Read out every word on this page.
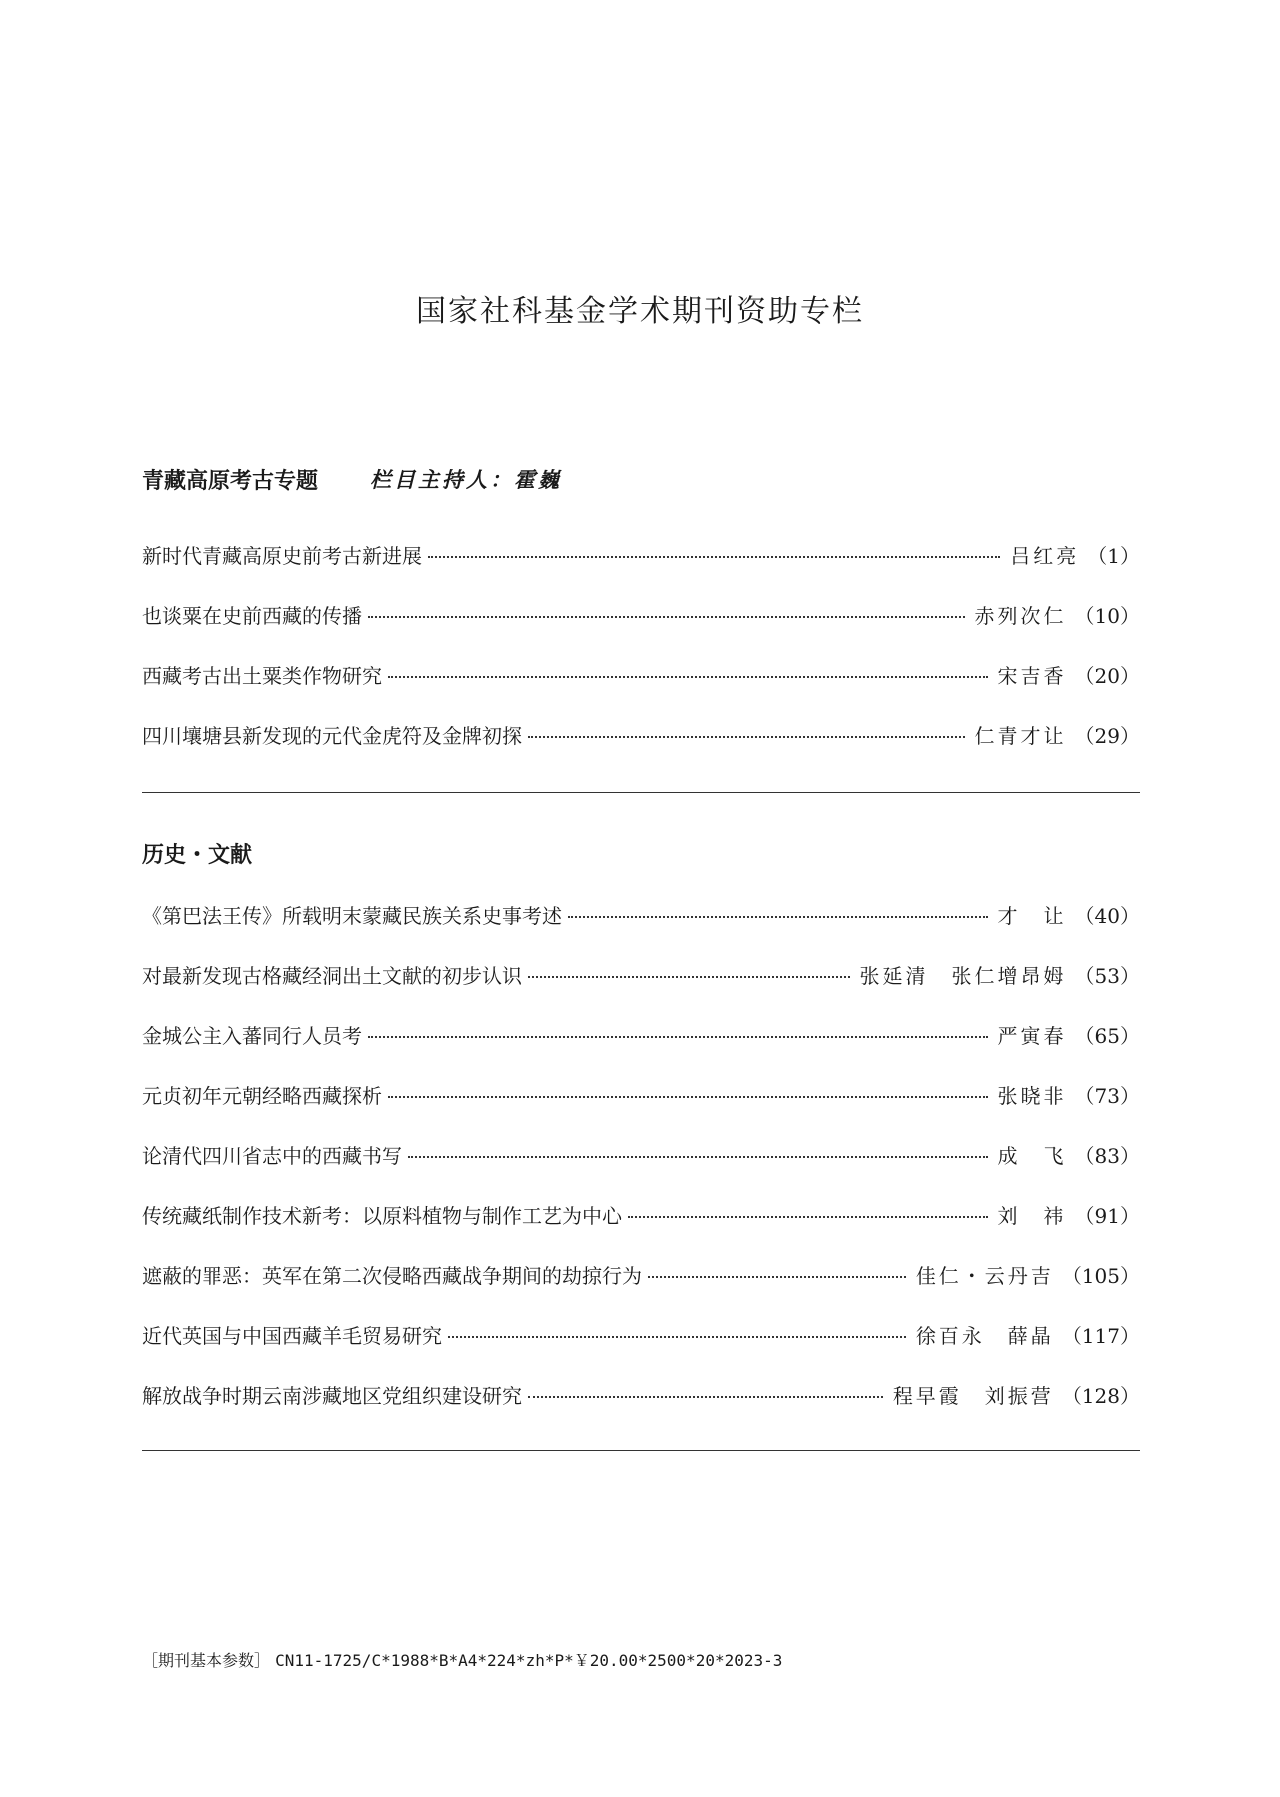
国家社科基金学术期刊资助专栏
青藏高原考古专题 栏目主持人：霍巍
新时代青藏高原史前考古新进展	吕红亮 （1）
也谈粟在史前西藏的传播	赤列次仁 （10）
西藏考古出土粟类作物研究	宋吉香 （20）
四川壤塘县新发现的元代金虎符及金牌初探	仁青才让 （29）
历史・文献
《第巴法王传》所载明末蒙藏民族关系史事考述	才　让 （40）
对最新发现古格藏经洞出土文献的初步认识	张延清　张仁增昂姆 （53）
金城公主入蕃同行人员考	严寅春 （65）
元贞初年元朝经略西藏探析	张晓非 （73）
论清代四川省志中的西藏书写	成　飞 （83）
传统藏纸制作技术新考：以原料植物与制作工艺为中心	刘　祎 （91）
遮蔽的罪恶：英军在第二次侵略西藏战争期间的劫掠行为	佳仁・云丹吉 （105）
近代英国与中国西藏羊毛贸易研究	徐百永　薛晶 （117）
解放战争时期云南涉藏地区党组织建设研究	程早霞　刘振营 （128）
［期刊基本参数］ CN11-1725/C*1988*B*A4*224*zh*P*￥20.00*2500*20*2023-3
